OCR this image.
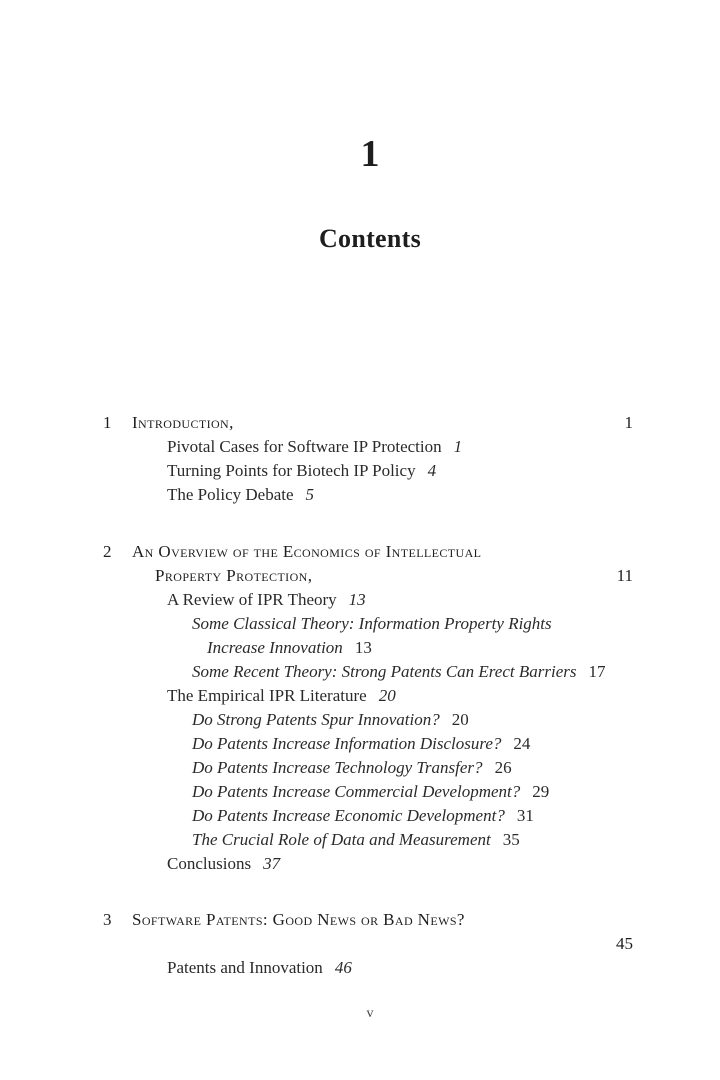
1
Contents
1 Introduction,	1
Pivotal Cases for Software IP Protection 1
Turning Points for Biotech IP Policy 4
The Policy Debate 5
2 An Overview of the Economics of Intellectual
Property Protection,	11
A Review of IPR Theory 13
Some Classical Theory: Information Property Rights
Increase Innovation 13
Some Recent Theory: Strong Patents Can Erect Barriers 17
The Empirical IPR Literature 20
Do Strong Patents Spur Innovation? 20
Do Patents Increase Information Disclosure? 24
Do Patents Increase Technology Transfer? 26
Do Patents Increase Commercial Development? 29
Do Patents Increase Economic Development? 31
The Crucial Role of Data and Measurement 35
Conclusions 37
3 Software Patents: Good News or Bad News?
45
Patents and Innovation 46
v
